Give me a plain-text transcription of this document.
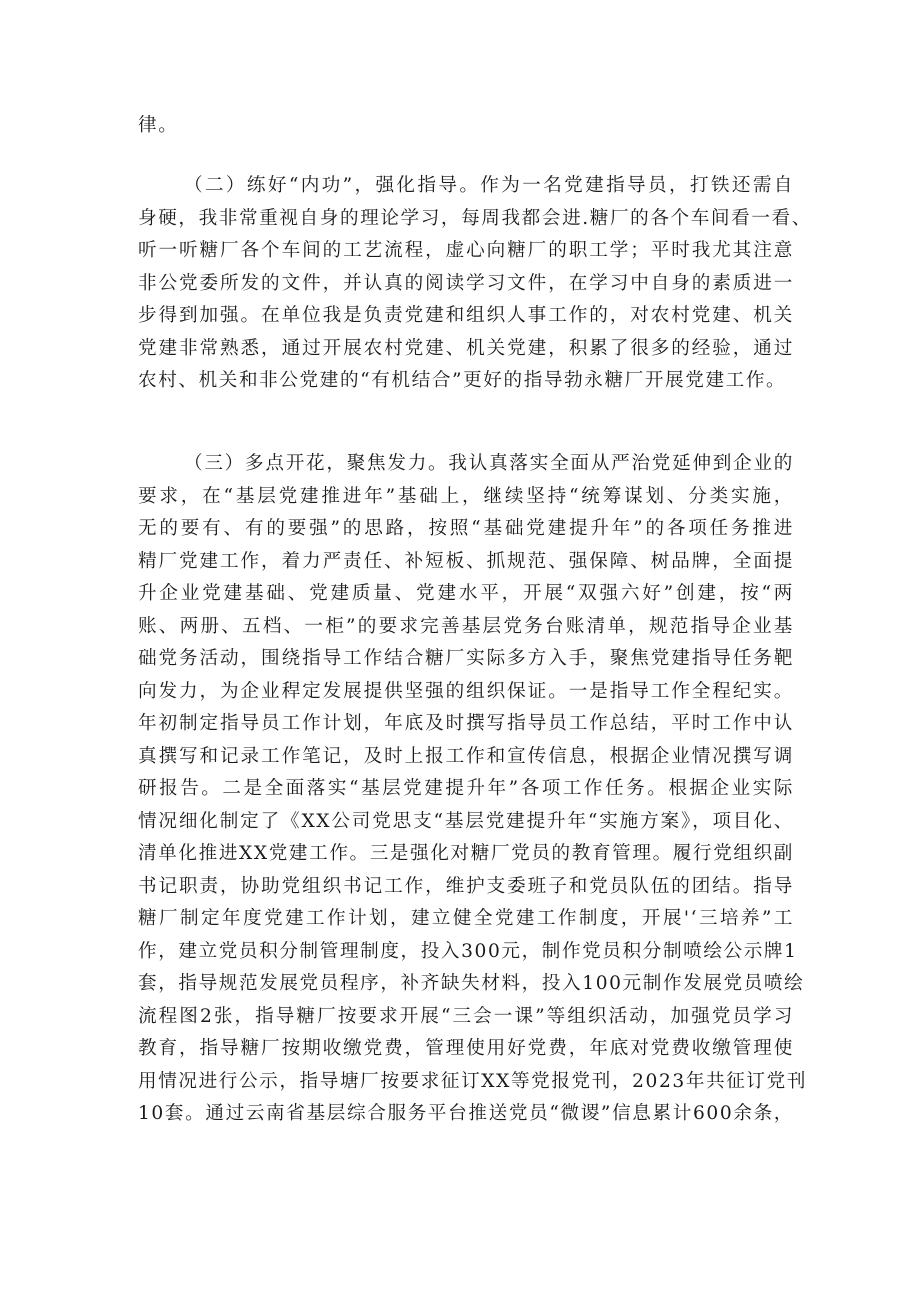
律。
（二）练好“内功”，强化指导。作为一名党建指导员，打铁还需自
身硬，我非常重视自身的理论学习，每周我都会进.糖厂的各个车间看一看、
听一听糖厂各个车间的工艺流程，虚心向糖厂的职工学；平时我尤其注意
非公党委所发的文件，并认真的阅读学习文件，在学习中自身的素质进一
步得到加强。在单位我是负责党建和组织人事工作的，对农村党建、机关
党建非常熟悉，通过开展农村党建、机关党建，积累了很多的经验，通过
农村、机关和非公党建的“有机结合”更好的指导勃永糖厂开展党建工作。
（三）多点开花，聚焦发力。我认真落实全面从严治党延伸到企业的
要求，在“基层党建推进年”基础上，继续坚持“统筹谋划、分类实施，
无的要有、有的要强”的思路，按照“基础党建提升年”的各项任务推进
精厂党建工作，着力严责任、补短板、抓规范、强保障、树品牌，全面提
升企业党建基础、党建质量、党建水平，开展“双强六好”创建，按“两
账、两册、五档、一柜”的要求完善基层党务台账清单，规范指导企业基
础党务活动，围绕指导工作结合糖厂实际多方入手，聚焦党建指导任务靶
向发力，为企业稈定发展提供坚强的组织保证。一是指导工作全程纪实。
年初制定指导员工作计划，年底及时撰写指导员工作总结，平时工作中认
真撰写和记录工作笔记，及时上报工作和宣传信息，根据企业情况撰写调
研报告。二是全面落实“基层党建提升年”各项工作任务。根据企业实际
情况细化制定了《XX公司党思支“基层党建提升年“实施方案》，项目化、
清单化推进XX党建工作。三是强化对糖厂党员的教育管理。履行党组织副
书记职责，协助党组织书记工作，维护支委班子和党员队伍的团结。指导
糖厂制定年度党建工作计划，建立健全党建工作制度，开展'‘三培养”工
作，建立党员积分制管理制度，投入300元，制作党员积分制喷绘公示牌1
套，指导规范发展党员程序，补齐缺失材料，投入100元制作发展党员喷绘
流程图2张，指导糖厂按要求开展“三会一课”等组织活动，加强党员学习
教育，指导糖厂按期收缴党费，管理使用好党费，年底对党费收缴管理使
用情况进行公示，指导塘厂按要求征订XX等党报党刊，2023年共征订党刊
10套。通过云南省基层综合服务平台推送党员“微谡”信息累计600余条，
